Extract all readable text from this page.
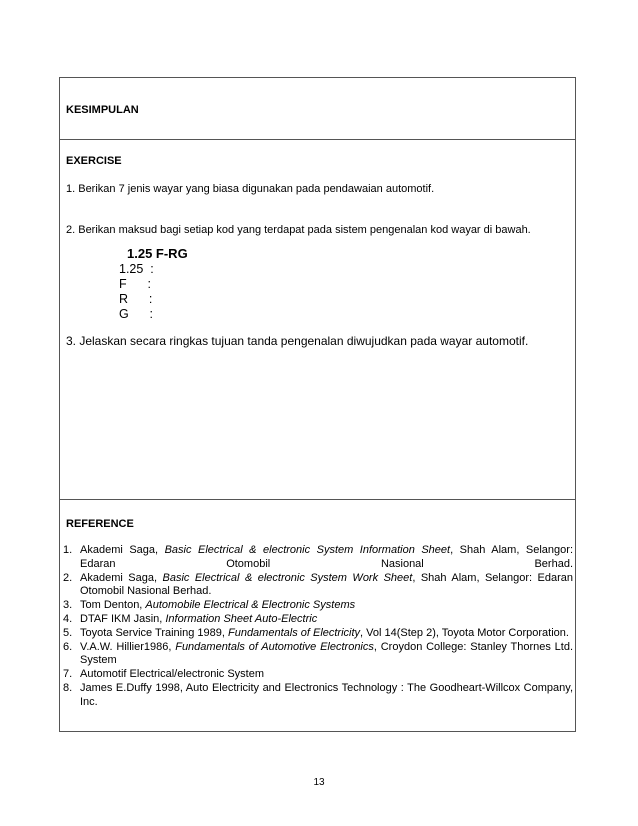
KESIMPULAN
EXERCISE
1. Berikan 7 jenis wayar yang biasa digunakan pada pendawaian automotif.
2. Berikan maksud bagi setiap kod yang terdapat pada sistem pengenalan kod wayar di bawah.
1.25 F-RG
1.25  :
F      :
R      :
G      :
3. Jelaskan secara ringkas tujuan tanda pengenalan diwujudkan pada wayar automotif.
REFERENCE
1. Akademi Saga, Basic Electrical & electronic System Information Sheet, Shah Alam, Selangor: Edaran Otomobil Nasional Berhad.
2. Akademi Saga, Basic Electrical & electronic System Work Sheet, Shah Alam, Selangor: Edaran Otomobil Nasional Berhad.
3. Tom Denton, Automobile Electrical & Electronic Systems
4. DTAF IKM Jasin, Information Sheet Auto-Electric
5. Toyota Service Training 1989, Fundamentals of Electricity, Vol 14(Step 2), Toyota Motor Corporation.
6. V.A.W. Hillier1986, Fundamentals of Automotive Electronics, Croydon College: Stanley Thornes Ltd. System
7. Automotif Electrical/electronic System
8. James E.Duffy 1998, Auto Electricity and Electronics Technology : The Goodheart-Willcox Company, Inc.
13
